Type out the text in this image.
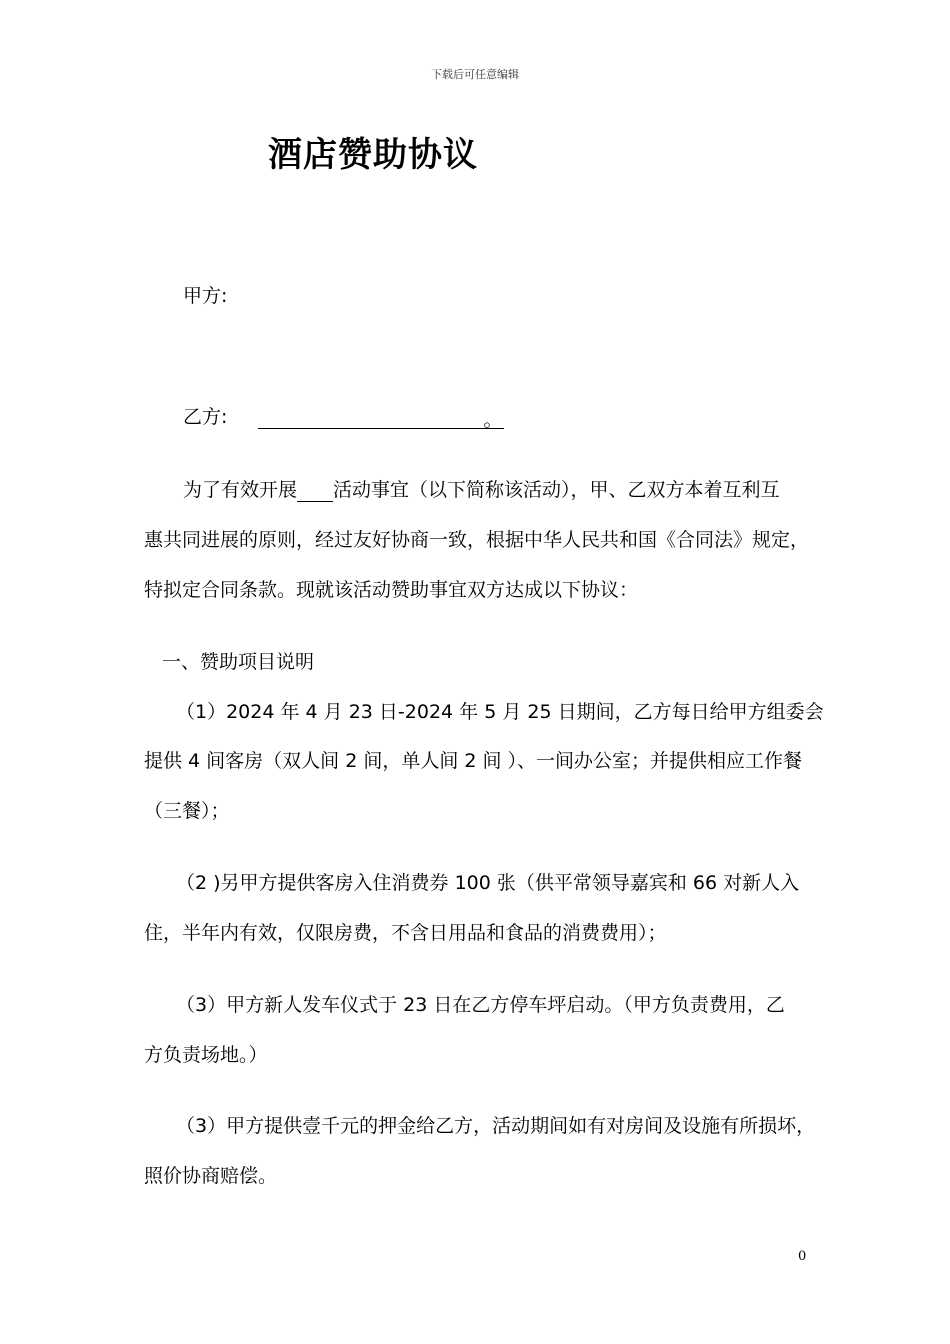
下载后可任意编辑
酒店赞助协议
甲方:
乙方:	。
为了有效开展 活动事宜（以下简称该活动），甲、乙双方本着互利互
惠共同进展的原则，经过友好协商一致，根据中华人民共和国《合同法》规定，
特拟定合同条款。现就该活动赞助事宜双方达成以下协议：
一、赞助项目说明
（1）2024 年 4 月 23 日-2024 年 5 月 25 日期间，乙方每日给甲方组委会
提供 4 间客房（双人间 2 间，单人间 2 间 ）、一间办公室；并提供相应工作餐
（三餐）；
（2 )另甲方提供客房入住消费券 100 张（供平常领导嘉宾和 66 对新人入
住，半年内有效，仅限房费，不含日用品和食品的消费费用）；
（3）甲方新人发车仪式于 23 日在乙方停车坪启动。（甲方负责费用，乙
方负责场地。）
（3）甲方提供壹千元的押金给乙方，活动期间如有对房间及设施有所损坏，
照价协商赔偿。
0
